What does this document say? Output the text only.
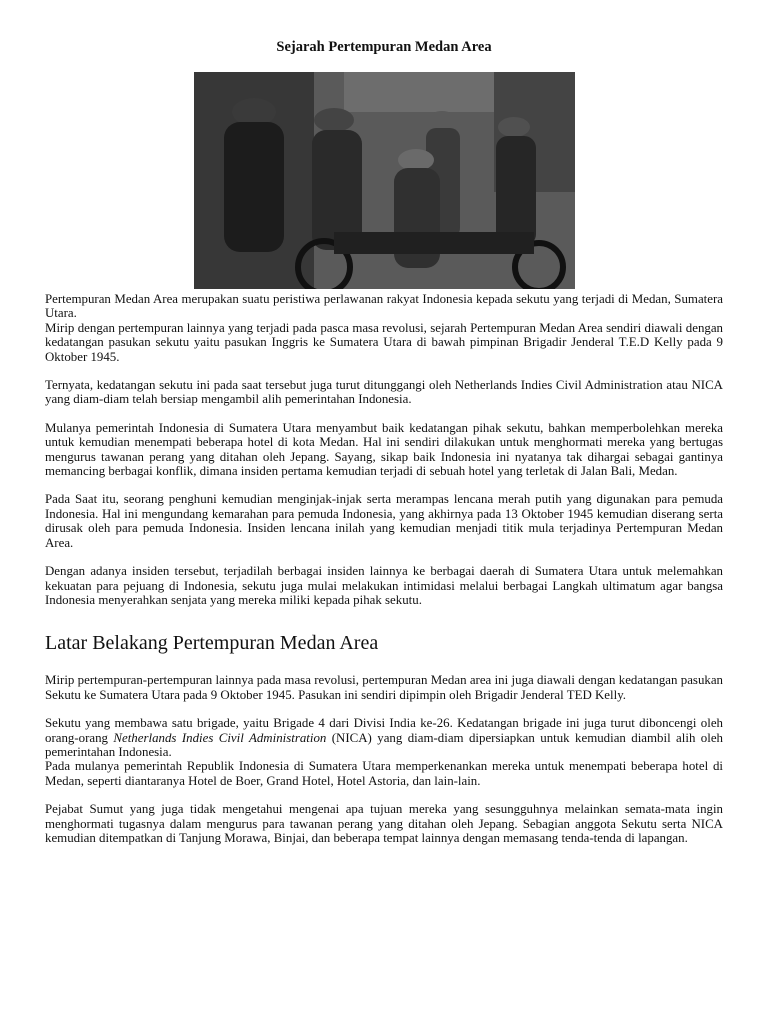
Sejarah Pertempuran Medan Area

Pertempuran Medan Area merupakan suatu peristiwa perlawanan rakyat Indonesia kepada sekutu yang terjadi di Medan, Sumatera Utara.

Mirip dengan pertempuran lainnya yang terjadi pada pasca masa revolusi, sejarah Pertempuran Medan Area sendiri diawali dengan kedatangan pasukan sekutu yaitu pasukan Inggris ke Sumatera Utara di bawah pimpinan Brigadir Jenderal T.E.D Kelly pada 9 Oktober 1945.

Ternyata, kedatangan sekutu ini pada saat tersebut juga turut ditunggangi oleh Netherlands Indies Civil Administration atau NICA yang diam-diam telah bersiap mengambil alih pemerintahan Indonesia.

Mulanya pemerintah Indonesia di Sumatera Utara menyambut baik kedatangan pihak sekutu, bahkan memperbolehkan mereka untuk kemudian menempati beberapa hotel di kota Medan. Hal ini sendiri dilakukan untuk menghormati mereka yang bertugas mengurus tawanan perang yang ditahan oleh Jepang. Sayang, sikap baik Indonesia ini nyatanya tak dihargai sebagai gantinya memancing berbagai konflik, dimana insiden pertama kemudian terjadi di sebuah hotel yang terletak di Jalan Bali, Medan.

Pada Saat itu, seorang penghuni kemudian menginjak-injak serta merampas lencana merah putih yang digunakan para pemuda Indonesia. Hal ini mengundang kemarahan para pemuda Indonesia, yang akhirnya pada 13 Oktober 1945 kemudian diserang serta dirusak oleh para pemuda Indonesia. Insiden lencana inilah yang kemudian menjadi titik mula terjadinya Pertempuran Medan Area.

Dengan adanya insiden tersebut, terjadilah berbagai insiden lainnya ke berbagai daerah di Sumatera Utara untuk melemahkan kekuatan para pejuang di Indonesia, sekutu juga mulai melakukan intimidasi melalui berbagai Langkah ultimatum agar bangsa Indonesia menyerahkan senjata yang mereka miliki kepada pihak sekutu.

Latar Belakang Pertempuran Medan Area

Mirip pertempuran-pertempuran lainnya pada masa revolusi, pertempuran Medan area ini juga diawali dengan kedatangan pasukan Sekutu ke Sumatera Utara pada 9 Oktober 1945. Pasukan ini sendiri dipimpin oleh Brigadir Jenderal TED Kelly.

Sekutu yang membawa satu brigade, yaitu Brigade 4 dari Divisi India ke-26. Kedatangan brigade ini juga turut diboncengi oleh orang-orang Netherlands Indies Civil Administration (NICA) yang diam-diam dipersiapkan untuk kemudian diambil alih oleh pemerintahan Indonesia.

Pada mulanya pemerintah Republik Indonesia di Sumatera Utara memperkenankan mereka untuk menempati beberapa hotel di Medan, seperti diantaranya Hotel de Boer, Grand Hotel, Hotel Astoria, dan lain-lain.

Pejabat Sumut yang juga tidak mengetahui mengenai apa tujuan mereka yang sesungguhnya melainkan semata-mata ingin menghormati tugasnya dalam mengurus para tawanan perang yang ditahan oleh Jepang. Sebagian anggota Sekutu serta NICA kemudian ditempatkan di Tanjung Morawa, Binjai, dan beberapa tempat lainnya dengan memasang tenda-tenda di lapangan.
